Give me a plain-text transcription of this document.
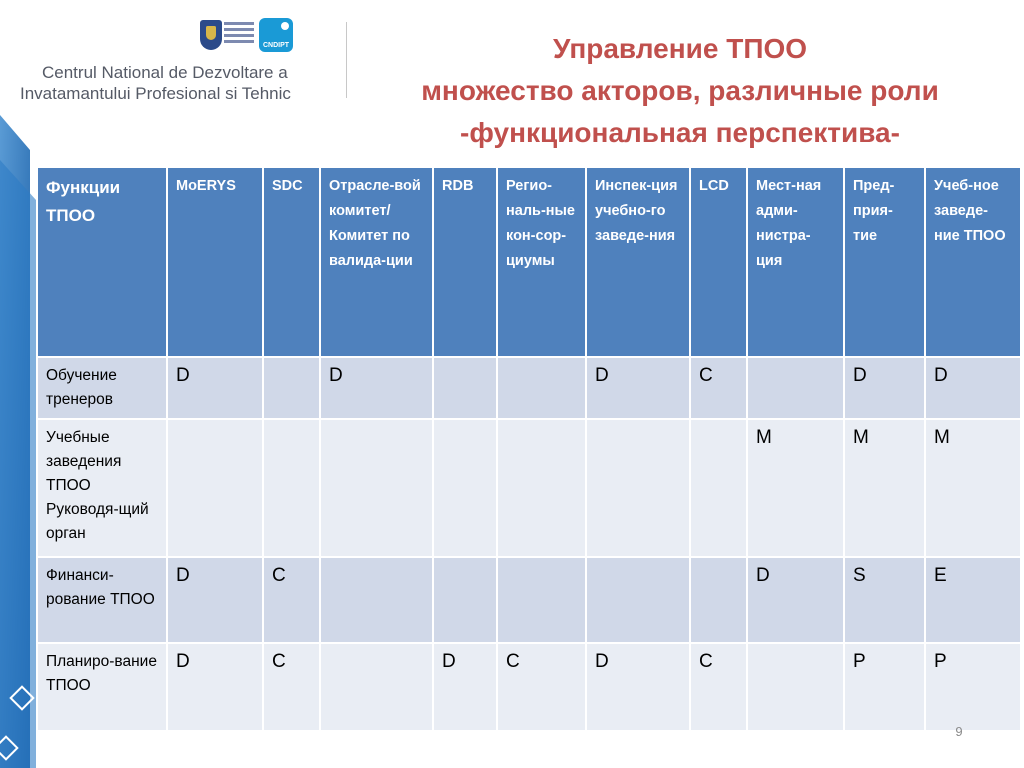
CNDIPT
Centrul National de Dezvoltare a
Invatamantului Profesional si Tehnic
Управление ТПОО
множество акторов, различные роли
-функциональная перспектива-
Функции ТПОО	MoERYS	SDC	Отрасле-вой комитет/ Комитет по валида-ции	RDB	Регио-наль-ные кон-сор-циумы	Инспек-ция учебно-го заведе-ния	LCD	Мест-ная адми-нистра-ция	Пред-прия-тие	Учеб-ное заведе-ние ТПОО
Обучение тренеров	D		D			D	C		D	D
Учебные заведения ТПОО Руководя-щий орган								M	M	M
Финанси-рование ТПОО	D	C						D	S	E
Планиро-вание ТПОО	D	C		D	C	D	C		P	P
9
